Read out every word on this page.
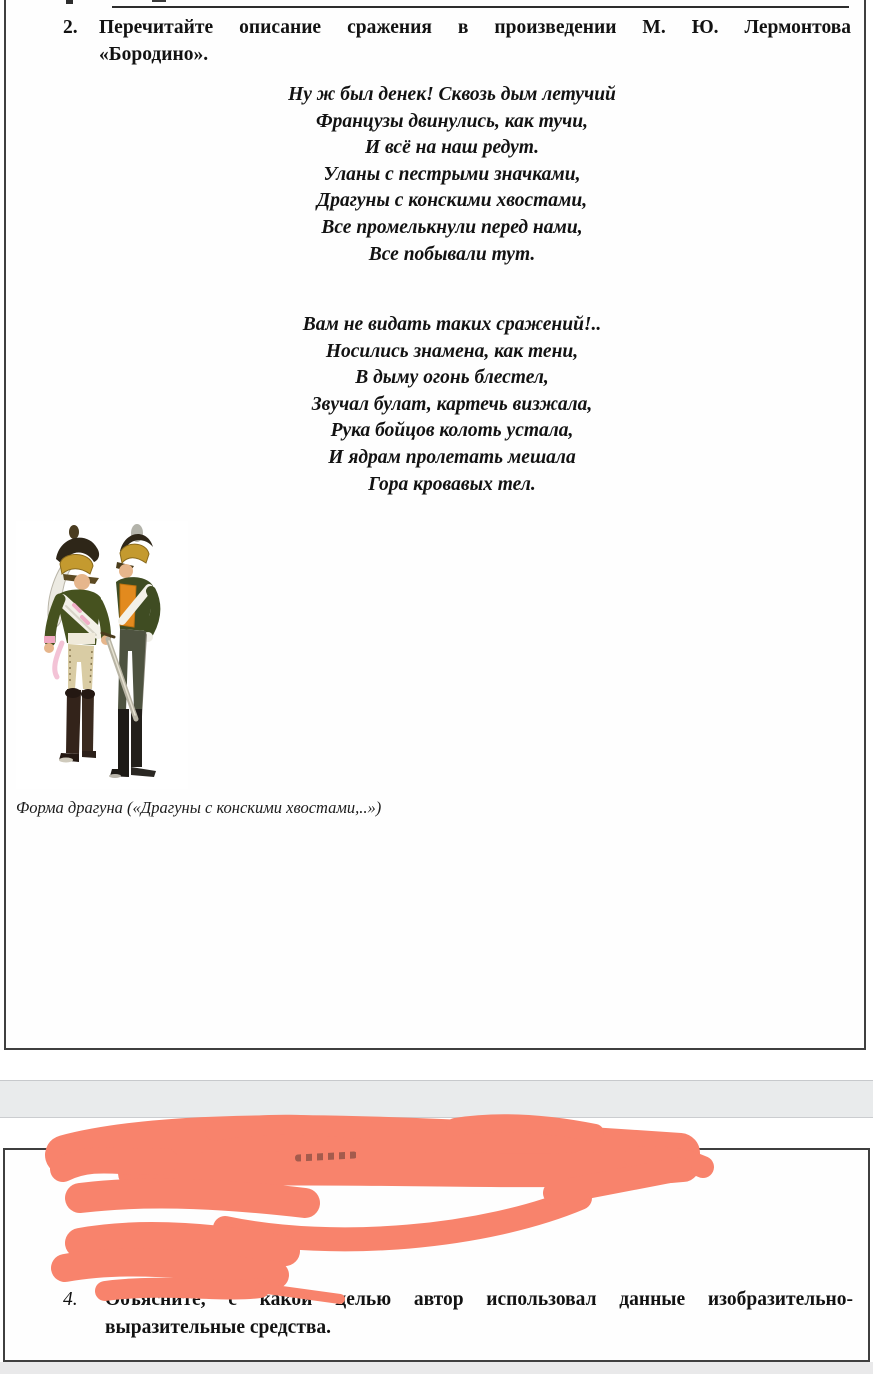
2.	Перечитайте описание сражения в произведении М. Ю. Лермонтова
«Бородино».
Ну ж был денек! Сквозь дым летучий
Французы двинулись, как тучи,
И всё на наш редут.
Уланы с пестрыми значками,
Драгуны с конскими хвостами,
Все промелькнули перед нами,
Все побывали тут.
Вам не видать таких сражений!..
Носились знамена, как тени,
В дыму огонь блестел,
Звучал булат, картечь визжала,
Рука бойцов колоть устала,
И ядрам пролетать мешала
Гора кровавых тел.
Форма драгуна («Драгуны с конскими хвостами,..»)
3.
4.	Объясните, с какой целью автор использовал данные изобразительно-
выразительные средства.
